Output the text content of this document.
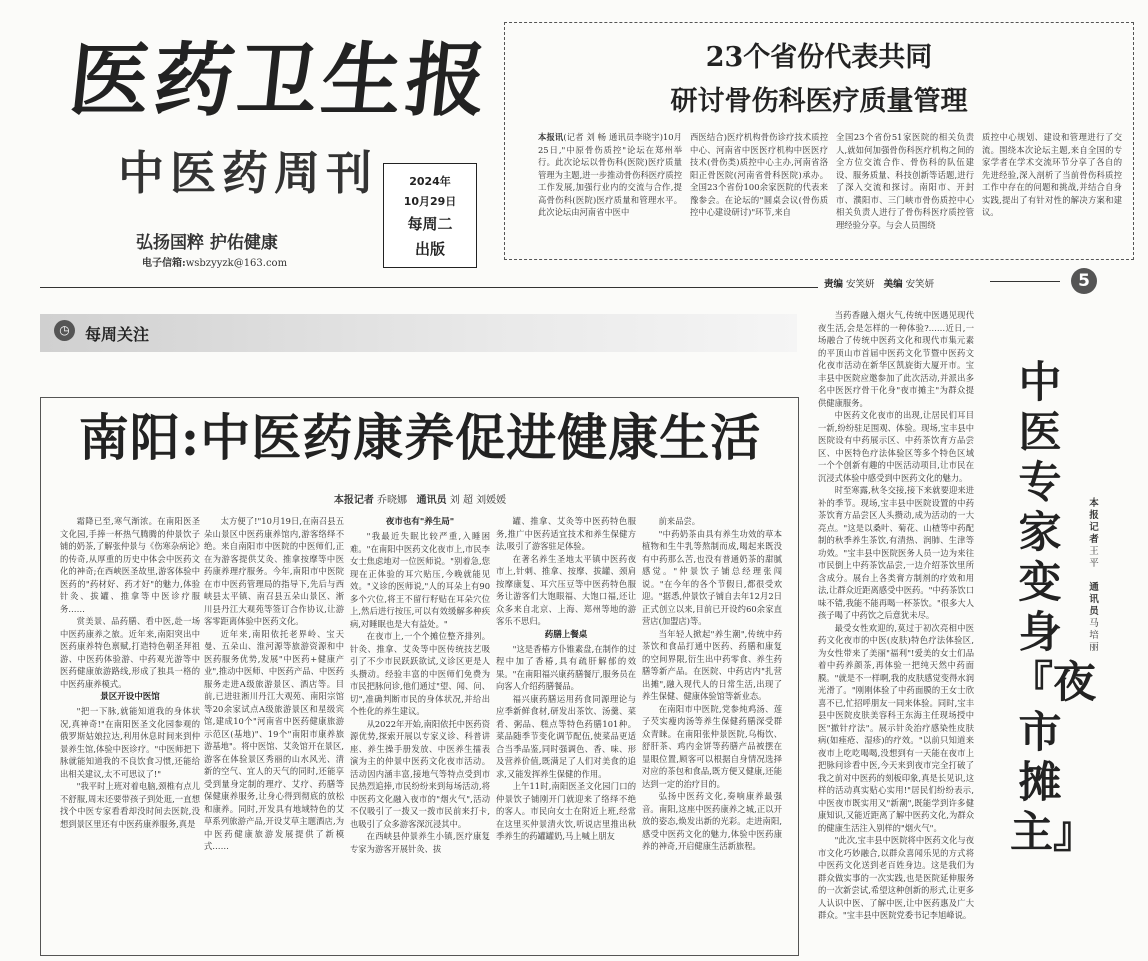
医药卫生报
中医药周刊
弘扬国粹 护佑健康
电子信箱:wsbzyyzk@163.com
2024年
10月29日
每周二
出版
23个省份代表共同
研讨骨伤科医疗质量管理
本报讯(记者 刘 畅 通讯员李晓宇)10月25日,"中原骨伤质控"论坛在郑州举行。此次论坛以骨伤科(医院)医疗质量管理为主题,进一步推动骨伤科医疗质控工作发展,加强行业内的交流与合作,提高骨伤科(医院)医疗质量和管理水平。此次论坛由河南省中医中
西医结合)医疗机构骨伤诊疗技术质控中心、河南省中医医疗机构中医医疗技术(骨伤类)质控中心主办,河南省洛阳正骨医院(河南省骨科医院)承办。全国23个省份100余家医院的代表来豫参会。在论坛的"圆桌会议(骨伤质控中心建设研讨)"环节,来自
全国23个省份51家医院的相关负责人,就如何加强骨伤科医疗机构之间的全方位交流合作、骨伤科的队伍建设、服务质量、科技创新等话题,进行了深入交流和探讨。南阳市、开封市、濮阳市、三门峡市骨伤质控中心相关负责人进行了骨伤科医疗质控管理经验分享。与会人员围绕
质控中心规划、建设和管理进行了交流。围绕本次论坛主题,来自全国的专家学者在学术交流环节分享了各自的先进经验,深入剖析了当前骨伤科质控工作中存在的问题和挑战,并结合自身实践,提出了有针对性的解决方案和建议。
责编 安笑妍 美编 安笑妍	5
◷ 每周关注
南阳:中医药康养促进健康生活
本报记者 乔晓娜 通讯员 刘 超 刘媛媛

霜降已至,寒气渐浓。在南阳医圣文化园,手捧一杯热气腾腾的仲景饮子铺的奶茶,了解张仲景与《伤寒杂病论》的传奇,从厚重的历史中体会中医药文化的神奇;在西峡医圣故里,游客体验中医药的"药材好、药才好"的魅力,体验针灸、拔罐、推拿等中医诊疗服务……

赏美景、品药膳、看中医,赴一场中医药康养之旅。近年来,南阳突出中医药康养特色禀赋,打造特色朝圣拜祖游、中医药体验游、中药观光游等中医药健康旅游路线,形成了独具一格的中医药康养模式。

景区开设中医馆

"把一下脉,就能知道我的身体状况,真神奇!"在南阳医圣文化园参观的俄罗斯姑娘拉达,利用休息时间来到仲景养生馆,体验中医诊疗。"中医师把下脉就能知道我的不良饮食习惯,还能给出相关建议,太不可思议了!"

"我平时上班对着电脑,颈椎有点儿不舒服,周末还要带孩子到处逛,一直想找个中医专家看看却没时间去医院,没想到景区里还有中医药康养服务,真是

太方便了!"10月19日,在南召县五朵山景区中医药康养馆内,游客络绎不绝。来自南阳市中医院的中医师们,正在为游客提供艾灸、推拿按摩等中医药康养理疗服务。今年,南阳市中医院在市中医药管理局的指导下,先后与西峡县太平镇、南召县五朵山景区、淅川县丹江大观苑等签订合作协议,让游客零距离体验中医药文化。

近年来,南阳依托老界岭、宝天曼、五朵山、淮河源等旅游资源和中医药服务优势,发展"中医药+健康产业",推动中医师、中医药产品、中医药服务走进A级旅游景区、酒店等。目前,已进驻淅川丹江大观苑、南阳宗馆等20余家试点A级旅游景区和星级宾馆,建成10个"河南省中医药健康旅游示范区(基地)"、19个"南阳市康养旅游基地"。将中医馆、艾灸馆开在景区,游客在体验景区秀丽的山水风光、清新的空气、宜人的天气的同时,还能享受到量身定制的理疗、艾疗、药膳等保健康养服务,让身心得到彻底的放松和康养。同时,开发具有地域特色的艾草系列旅游产品,开设艾草主题酒店,为中医药健康旅游发展提供了新模式……

夜市也有"养生局"

"我最近失眠比较严重,入睡困难。"在南阳中医药文化夜市上,市民李女士焦虑地对一位医师说。"别着急,您现在正体验的耳穴贴压,今晚就能见效。"义诊的医师说,"人的耳朵上有90多个穴位,将王不留行籽贴在耳朵穴位上,然后进行按压,可以有效缓解多种疾病,对睡眠也是大有益处。"

在夜市上,一个个摊位整齐排列。针灸、推拿、艾灸等中医传统技艺吸引了不少市民跃跃欲试,义诊区更是人头攒动。经验丰富的中医师们免费为市民把脉问诊,他们通过"望、闻、问、切",准确判断市民的身体状况,并给出个性化的养生建议。

从2022年开始,南阳依托中医药资源优势,探索开展以专家义诊、科普讲座、养生操手册发放、中医养生擂表演为主的仲景中医药文化夜市活动。活动因内涵丰富,接地气等特点受到市民热烈追捧,市民纷纷来到每场活动,将中医药文化融入夜市的"烟火气",活动不仅吸引了一拨又一拨市民前来打卡,也吸引了众多游客深沉浸其中。

在西峡县仲景养生小镇,医疗康复专家为游客开展针灸、拔

罐、推拿、艾灸等中医药特色服务,推广中医药适宜技术和养生保健方法,吸引了游客驻足体验。

在著名养生圣地太平镇中医药夜市上,针刺、推拿、按摩、拔罐、颈肩按摩康复、耳穴压豆等中医药特色服务让游客们大饱眼福、大饱口福,还让众多来自北京、上海、郑州等地的游客乐不思归。

药膳上餐桌

"这是香椿方仆锥素盘,在制作的过程中加了香椿,具有疏肝解郁的效果。"在南阳福兴康药膳餐厅,服务员在向客人介绍药膳餐品。

福兴康药膳运用药食同源理论与应季新鲜食材,研发出茶饮、汤羹、菜肴、粥品、糕点等特色药膳101种。菜品随季节变化调节配伍,使菜品更适合当季品鉴,同时强调色、香、味、形及营养价值,既满足了人们对美食的追求,又能发挥养生保健的作用。

上午11时,南阳医圣文化园门口的仲景饮子铺刚开门就迎来了络绎不绝的客人。市民向女士在附近上班,经常在这里买仲景清火饮,听说店里推出秋季养生的药罐罐奶,马上喊上朋友

前来品尝。

"中药奶茶由具有养生功效的草本植物和生牛乳等熬制而成,喝起来既没有中药那么苦,也没有普通奶茶的甜腻感觉。"仲景饮子铺总经理张闯说。"在今年的各个节假日,都很受欢迎。"据悉,仲景饮子铺自去年12月2日正式创立以来,目前已开设约60余家直营店(加盟店)等。

当年轻人掀起"养生潮",传统中药茶饮和食品打通中医药、药膳和康复的空间界限,衍生出中药零食、养生药膳等新产品。在医院、中药店内"扎营出摊",融入现代人的日常生活,出现了养生保健、健康体验馆等新业态。

在南阳市中医院,党参炖鸡汤、莲子芡实瘦肉汤等养生保健药膳深受群众青睐。在南阳张仲景医院,乌梅饮、舒肝茶、鸡内金饼等药膳产品被摆在显眼位置,顾客可以根据自身情况选择对应的茶包和食品,既方便又健康,还能达到一定的治疗目的。

弘扬中医药文化,奏响康养最强音。南阳,这座中医药康养之城,正以开放的姿态,焕发出新的光彩。走进南阳,感受中医药文化的魅力,体验中医药康养的神奇,开启健康生活新旅程。

当药香融入烟火气,传统中医遇见现代夜生活,会是怎样的一种体验?……近日,一场融合了传统中医药文化和现代市集元素的平顶山市首届中医药文化节暨中医药文化夜市活动在新华区凯旋街大厦开市。宝丰县中医院应邀参加了此次活动,并派出多名中医医疗骨干化身"夜市摊主"为群众提供健康服务。

中医药文化夜市的出现,让居民们耳目一新,纷纷驻足围观、体验。现场,宝丰县中医院设有中药展示区、中药茶饮育方品尝区、中医特色疗法体验区等多个特色区域一个个创新有趣的中医活动项目,让市民在沉浸式体验中感受到中医药文化的魅力。

时至寒露,秋冬交接,接下来就要迎来进补的季节。现场,宝丰县中医院设置的中药茶饮育方品尝区人头攒动,成为活动的一大亮点。"这是以桑叶、菊花、山楂等中药配制的秋季养生茶饮,有清热、润肺、生津等功效。"宝丰县中医院医务人员一边为来往市民倒上中药茶饮品尝,一边介绍茶饮里所含成分。展台上各类膏方制剂的疗效和用法,让群众近距离感受中医药。"中药茶饮口味不错,我能不能再喝一杯茶饮。"很多大人孩子喝了中药饮之后意犹未尽。

最受女性欢迎的,莫过于初次亮相中医药文化夜市的中医(皮肤)特色疗法体验区,为女性带来了美丽"福利"!爱美的女士们品着中药养颜茶,再体验一把纯天然中药面膜。"就是不一样啊,我的皮肤感觉变得水润光滑了。"刚刚体验了中药面膜的王女士欣喜不已,忙招呼朋友一同来体验。同时,宝丰县中医院皮肤美容科王东海主任现场授中医"撤针疗法"。展示针灸治疗感染性皮肤病(如痤疮、湿疹)的疗效。"以前只知道来夜市上吃吃喝喝,没想到有一天能在夜市上把脉问诊看中医,今天来到夜市完全打破了我之前对中医药的刻板印象,真是长见识,这样的活动真实贴心实用!"居民们纷纷表示,中医夜市既实用又"新潮",既能学到许多健康知识,又能近距离了解中医药文化,为群众的健康生活注入别样的"烟火气"。

"此次,宝丰县中医院将中医药文化与夜市文化巧妙融合,以群众喜闻乐见的方式将中医药文化送到老百姓身边。这是我们为群众做实事的一次实践,也是医院延伸服务的一次新尝试,希望这种创新的形式,让更多人认识中医、了解中医,让中医药惠及广大群众。"宝丰县中医院党委书记李旭峰说。

中医专家变身『夜市摊主』
本报记者王平

通讯员马培丽
